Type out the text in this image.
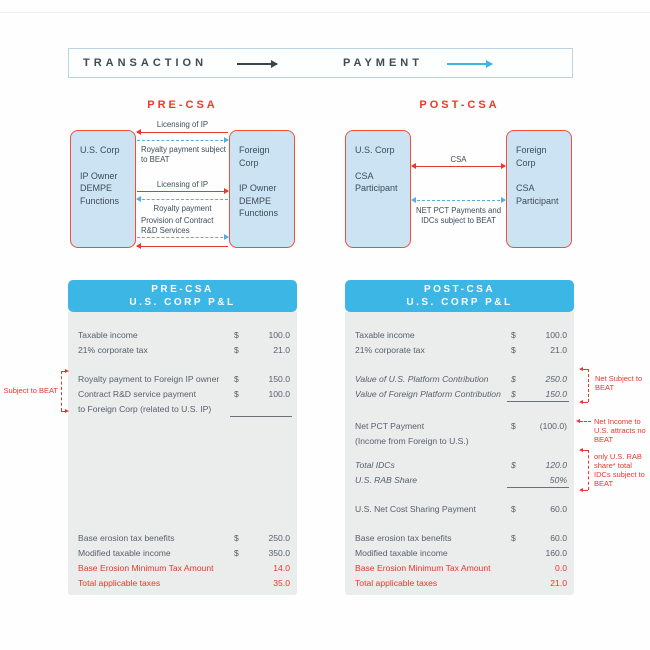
TRANSACTION	PAYMENT
PRE-CSA
U.S. Corp
IP Owner DEMPE Functions
Foreign Corp
IP Owner DEMPE Functions
Licensing of IP
Royalty payment subject to BEAT
Licensing of IP
Royalty payment
Provision of Contract R&D Services
POST-CSA
U.S. Corp
CSA Participant
Foreign Corp
CSA Participant
CSA
NET PCT Payments and IDCs subject to BEAT
PRE-CSA
U.S. CORP P&L
Taxable income	$	100.0
21% corporate tax	$	21.0
Royalty payment to Foreign IP owner	$	150.0
Contract R&D service payment	$	100.0
to Foreign Corp (related to U.S. IP)
Base erosion tax benefits	$	250.0
Modified taxable income	$	350.0
Base Erosion Minimum Tax Amount	14.0
Total applicable taxes	35.0
POST-CSA
U.S. CORP P&L
Taxable income	$	100.0
21% corporate tax	$	21.0
Value of U.S. Platform Contribution	$	250.0
Value of Foreign Platform Contribution	$	150.0
Net PCT Payment	$	(100.0)
(Income from Foreign to U.S.)
Total IDCs	$	120.0
U.S. RAB Share	50%
U.S. Net Cost Sharing Payment	$	60.0
Base erosion tax benefits	$	60.0
Modified taxable income	160.0
Base Erosion Minimum Tax Amount	0.0
Total applicable taxes	21.0
Subject to BEAT
Net Subject to BEAT
Net Income to U.S. attracts no BEAT
only U.S. RAB share* total IDCs subject to BEAT
